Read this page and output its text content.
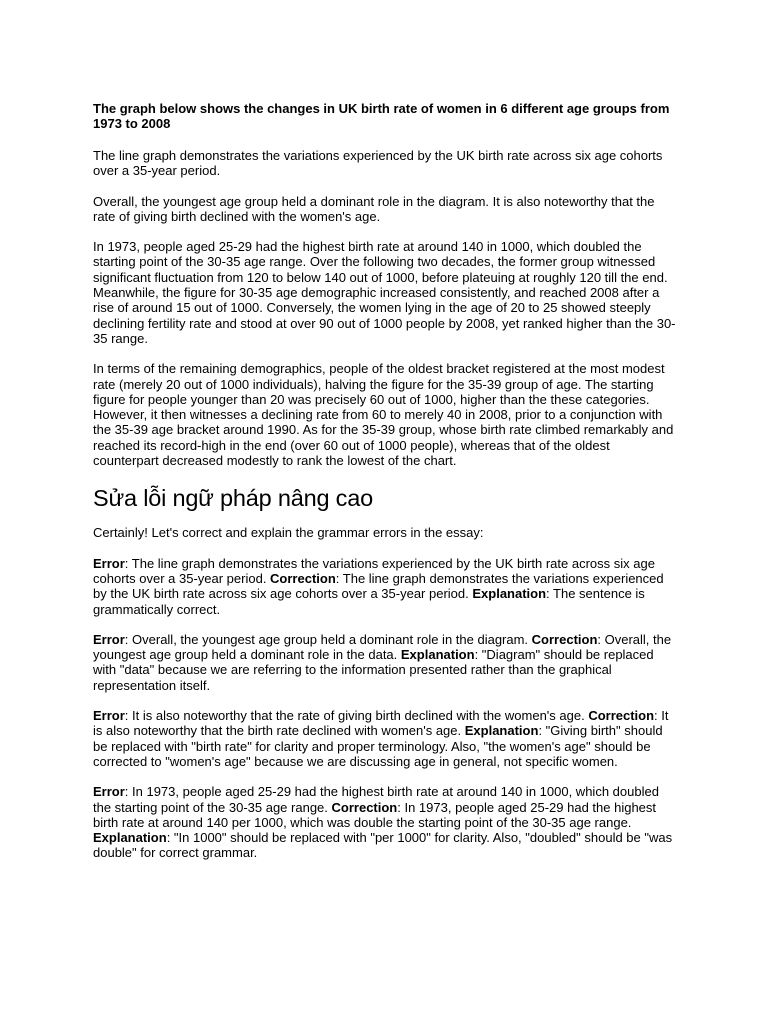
The graph below shows the changes in UK birth rate of women in 6 different age groups from 1973 to 2008

The line graph demonstrates the variations experienced by the UK birth rate across six age cohorts over a 35-year period.

Overall, the youngest age group held a dominant role in the diagram. It is also noteworthy that the rate of giving birth declined with the women's age.

In 1973, people aged 25-29 had the highest birth rate at around 140 in 1000, which doubled the starting point of the 30-35 age range. Over the following two decades, the former group witnessed significant fluctuation from 120 to below 140 out of 1000, before plateuing at roughly 120 till the end. Meanwhile, the figure for 30-35 age demographic increased consistently, and reached 2008 after a rise of around 15 out of 1000. Conversely, the women lying in the age of 20 to 25 showed steeply declining fertility rate and stood at over 90 out of 1000 people by 2008, yet ranked higher than the 30-35 range.

In terms of the remaining demographics, people of the oldest bracket registered at the most modest rate (merely 20 out of 1000 individuals), halving the figure for the 35-39 group of age. The starting figure for people younger than 20 was precisely 60 out of 1000, higher than the these categories. However, it then witnesses a declining rate from 60 to merely 40 in 2008, prior to a conjunction with the 35-39 age bracket around 1990. As for the 35-39 group, whose birth rate climbed remarkably and reached its record-high in the end (over 60 out of 1000 people), whereas that of the oldest counterpart decreased modestly to rank the lowest of the chart.

Sửa lỗi ngữ pháp nâng cao

Certainly! Let's correct and explain the grammar errors in the essay:

Error: The line graph demonstrates the variations experienced by the UK birth rate across six age cohorts over a 35-year period. Correction: The line graph demonstrates the variations experienced by the UK birth rate across six age cohorts over a 35-year period. Explanation: The sentence is grammatically correct.

Error: Overall, the youngest age group held a dominant role in the diagram. Correction: Overall, the youngest age group held a dominant role in the data. Explanation: "Diagram" should be replaced with "data" because we are referring to the information presented rather than the graphical representation itself.

Error: It is also noteworthy that the rate of giving birth declined with the women's age. Correction: It is also noteworthy that the birth rate declined with women's age. Explanation: "Giving birth" should be replaced with "birth rate" for clarity and proper terminology. Also, "the women's age" should be corrected to "women's age" because we are discussing age in general, not specific women.

Error: In 1973, people aged 25-29 had the highest birth rate at around 140 in 1000, which doubled the starting point of the 30-35 age range. Correction: In 1973, people aged 25-29 had the highest birth rate at around 140 per 1000, which was double the starting point of the 30-35 age range. Explanation: "In 1000" should be replaced with "per 1000" for clarity. Also, "doubled" should be "was double" for correct grammar.
